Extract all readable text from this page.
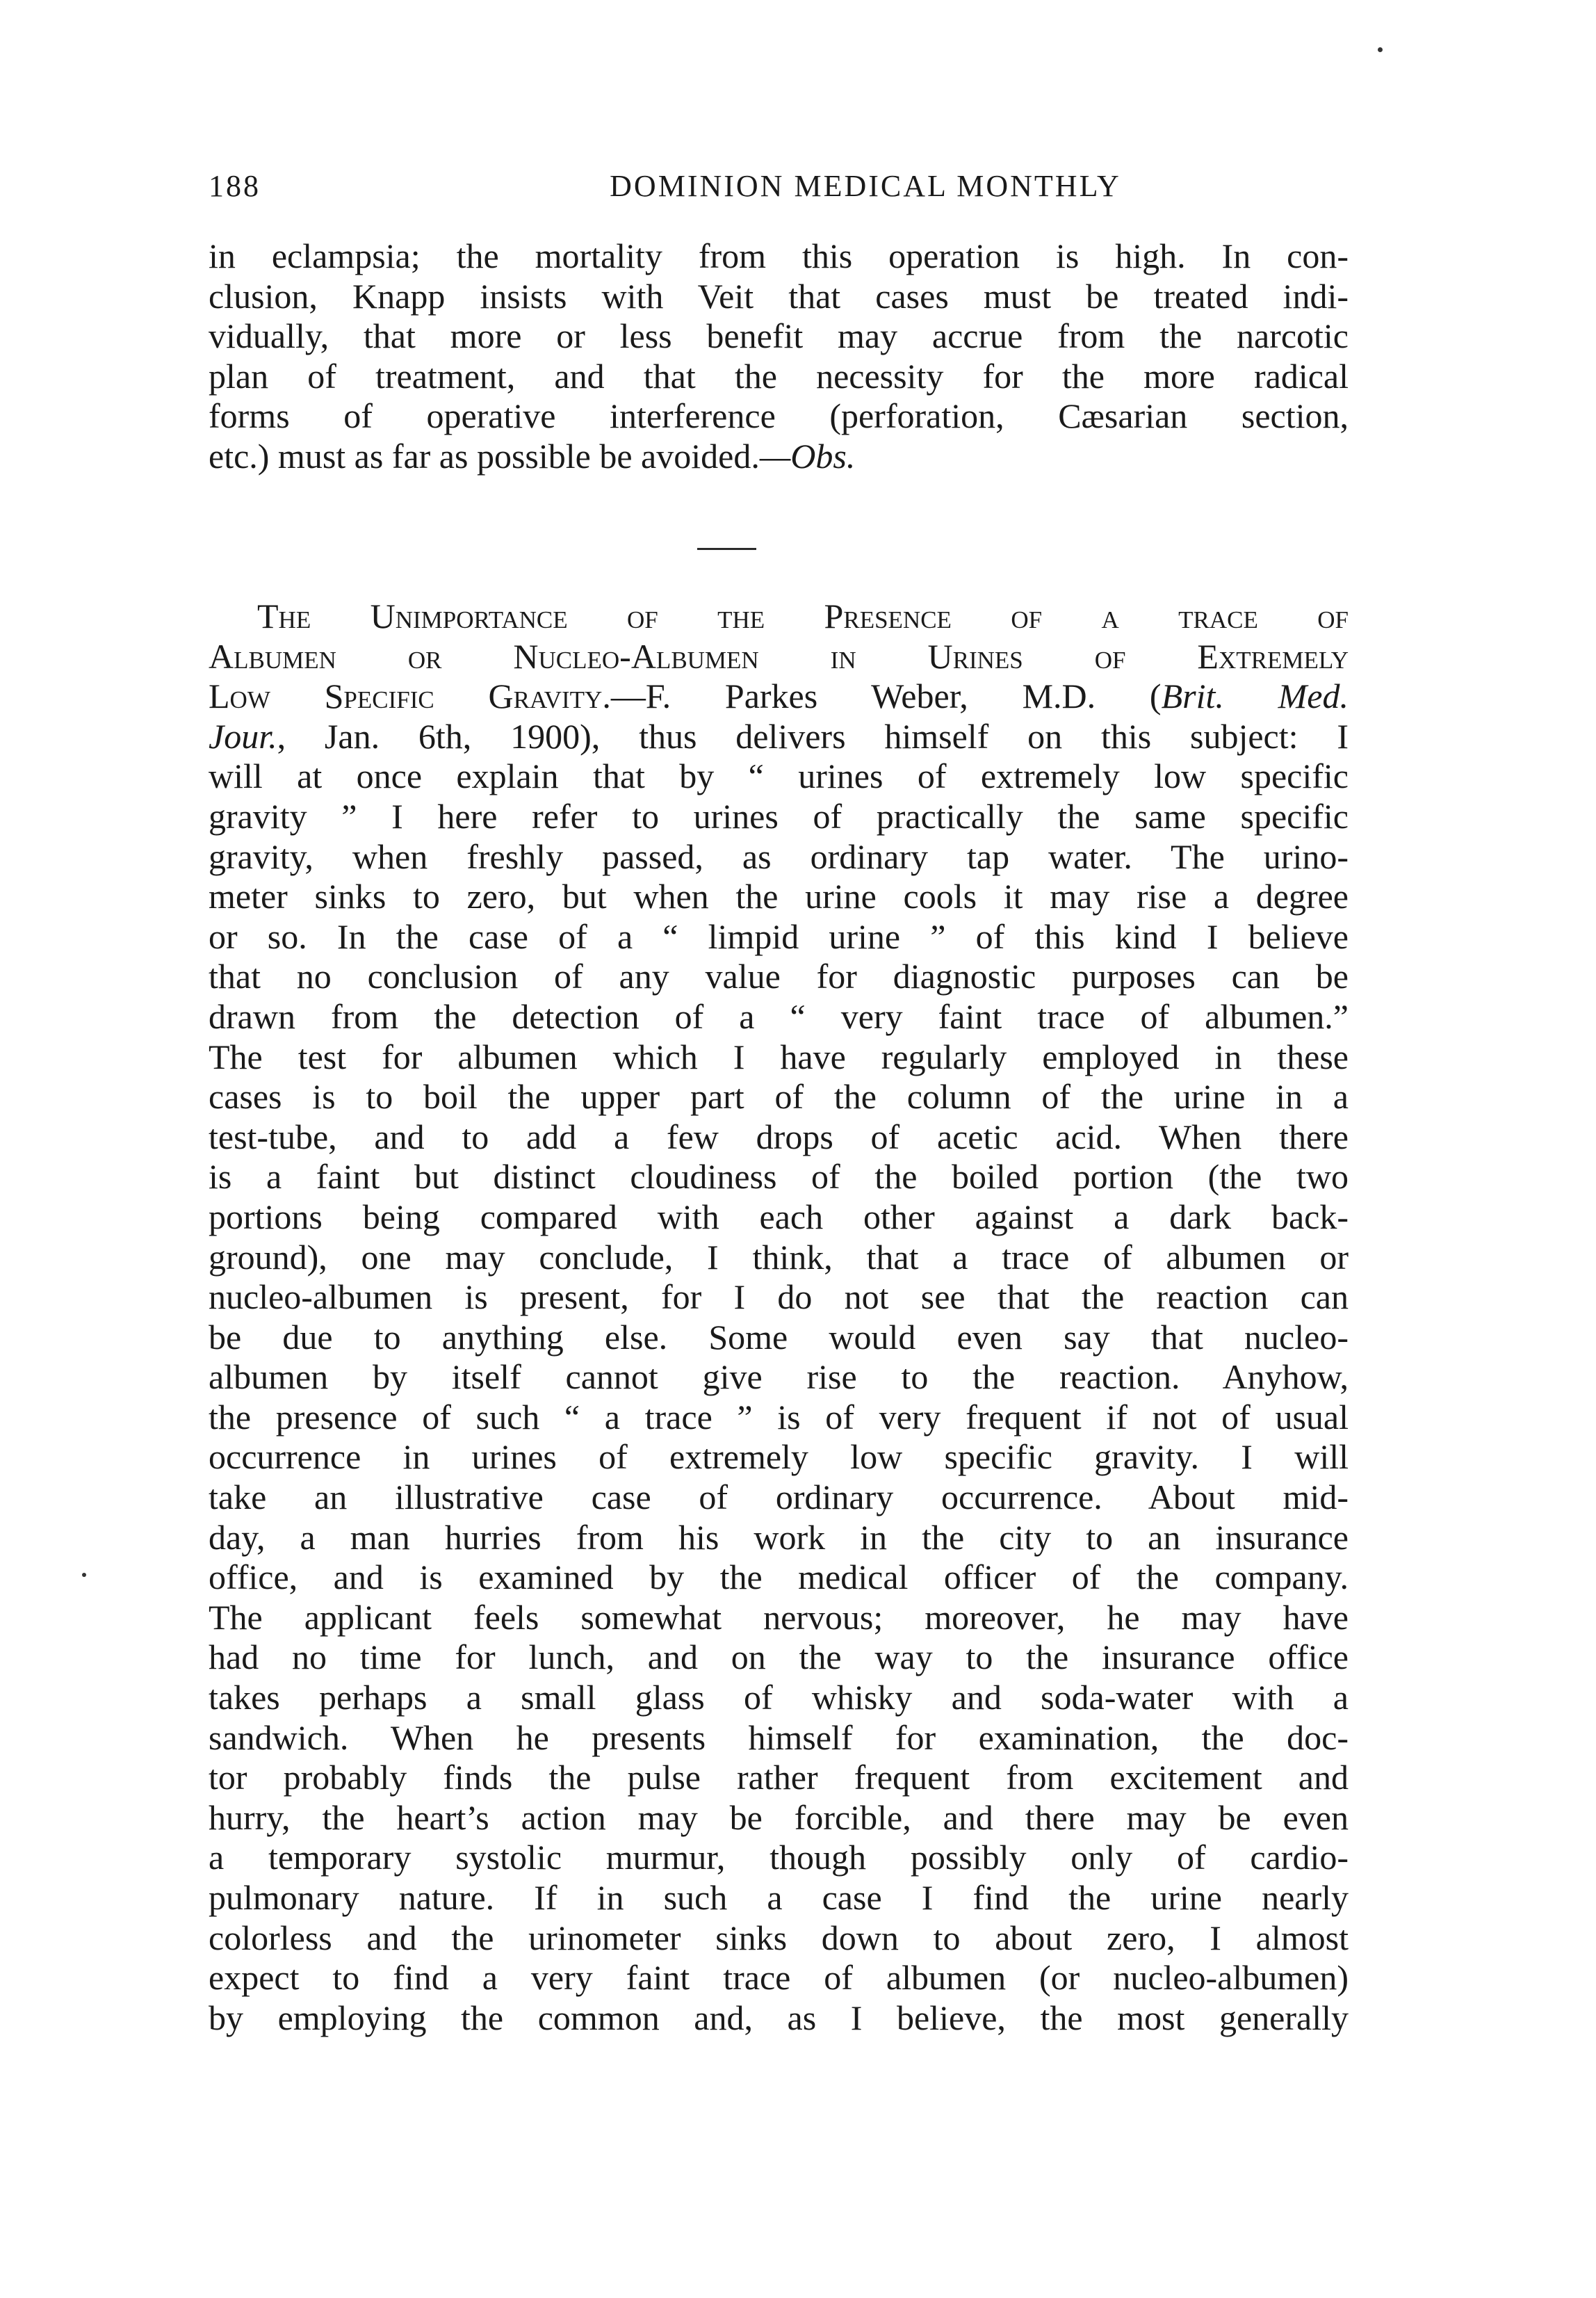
188	DOMINION MEDICAL MONTHLY
in eclampsia; the mortality from this operation is high. In con-
clusion, Knapp insists with Veit that cases must be treated indi-
vidually, that more or less benefit may accrue from the narcotic
plan of treatment, and that the necessity for the more radical
forms of operative interference (perforation, Cæsarian section,
etc.) must as far as possible be avoided.—Obs.
The Unimportance of the Presence of a trace of
Albumen or Nucleo-Albumen in Urines of Extremely
Low Specific Gravity.—F. Parkes Weber, M.D. (Brit. Med.
Jour., Jan. 6th, 1900), thus delivers himself on this subject: I
will at once explain that by “ urines of extremely low specific
gravity ” I here refer to urines of practically the same specific
gravity, when freshly passed, as ordinary tap water. The urino-
meter sinks to zero, but when the urine cools it may rise a degree
or so. In the case of a “ limpid urine ” of this kind I believe
that no conclusion of any value for diagnostic purposes can be
drawn from the detection of a “ very faint trace of albumen.”
The test for albumen which I have regularly employed in these
cases is to boil the upper part of the column of the urine in a
test-tube, and to add a few drops of acetic acid. When there
is a faint but distinct cloudiness of the boiled portion (the two
portions being compared with each other against a dark back-
ground), one may conclude, I think, that a trace of albumen or
nucleo-albumen is present, for I do not see that the reaction can
be due to anything else. Some would even say that nucleo-
albumen by itself cannot give rise to the reaction. Anyhow,
the presence of such “ a trace ” is of very frequent if not of usual
occurrence in urines of extremely low specific gravity. I will
take an illustrative case of ordinary occurrence. About mid-
day, a man hurries from his work in the city to an insurance
office, and is examined by the medical officer of the company.
The applicant feels somewhat nervous; moreover, he may have
had no time for lunch, and on the way to the insurance office
takes perhaps a small glass of whisky and soda-water with a
sandwich. When he presents himself for examination, the doc-
tor probably finds the pulse rather frequent from excitement and
hurry, the heart’s action may be forcible, and there may be even
a temporary systolic murmur, though possibly only of cardio-
pulmonary nature. If in such a case I find the urine nearly
colorless and the urinometer sinks down to about zero, I almost
expect to find a very faint trace of albumen (or nucleo-albumen)
by employing the common and, as I believe, the most generally
